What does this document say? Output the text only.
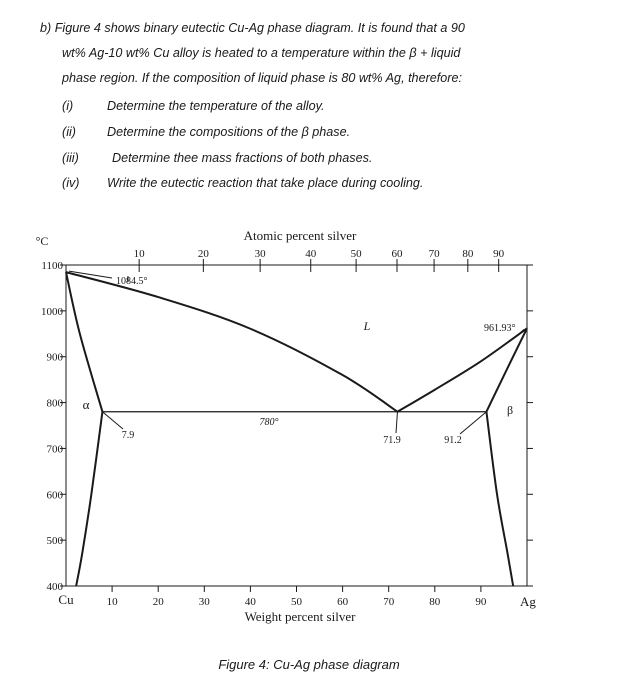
b) Figure 4 shows binary eutectic Cu-Ag phase diagram. It is found that a 90
wt% Ag-10 wt% Cu alloy is heated to a temperature within the β + liquid
phase region. If the composition of liquid phase is 80 wt% Ag, therefore:
(i)	Determine the temperature of the alloy.
(ii) Determine the compositions of the β phase.
(iii)	Determine thee mass fractions of both phases.
(iv) Write the eutectic reaction that take place during cooling.
Atomic percent silver
°C
Weight percent silver
Cu	Ag
L
α	β
1084.5°
961.93°
780°
7.9	71.9	91.2
1100
1000
900
800
700
600
500
400
10	20	30	40	50	60	70	80	90
10	20	30	40	50	60 70 80 90
Figure 4: Cu-Ag phase diagram
